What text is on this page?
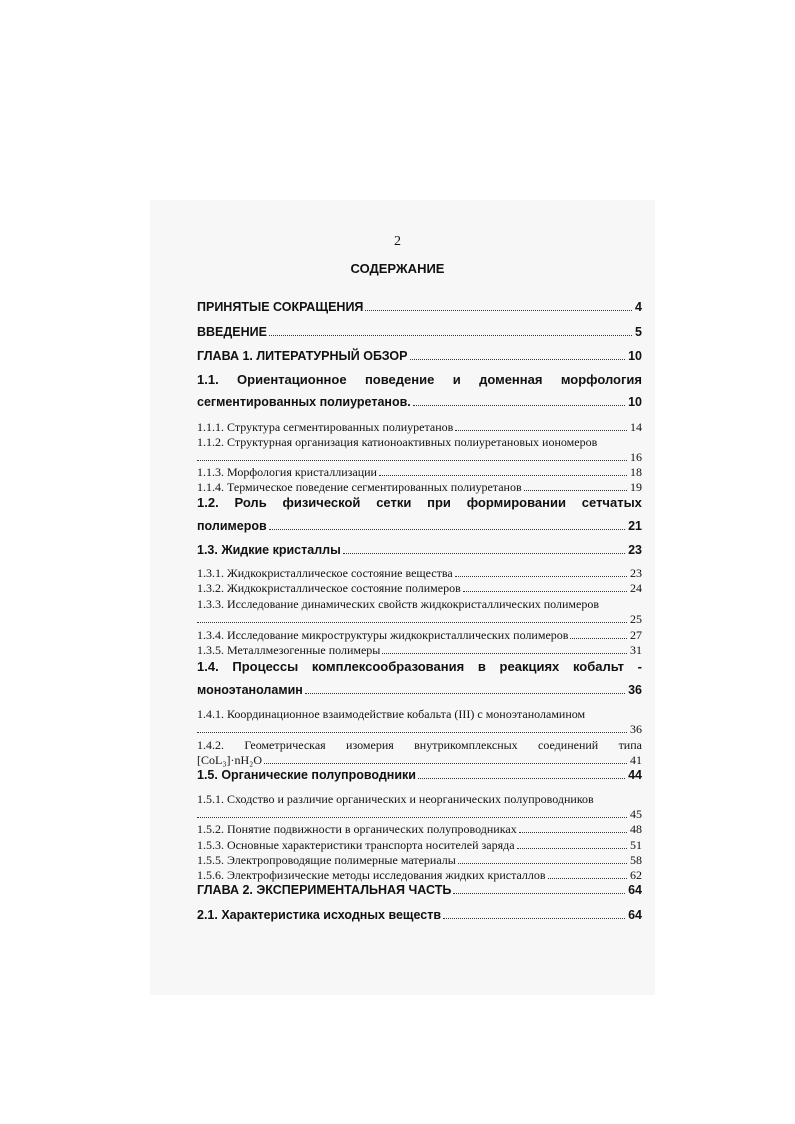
2
СОДЕРЖАНИЕ
ПРИНЯТЫЕ СОКРАЩЕНИЯ	4
ВВЕДЕНИЕ	5
ГЛАВА 1. ЛИТЕРАТУРНЫЙ ОБЗОР	10
1.1. Ориентационное поведение и доменная морфология
сегментированных полиуретанов.	10
1.1.1. Структура сегментированных полиуретанов	14
1.1.2. Структурная организация катионоактивных полиуретановых иономеров
16
1.1.3. Морфология кристаллизации	18
1.1.4. Термическое поведение сегментированных полиуретанов	19
1.2. Роль физической сетки при формировании сетчатых
полимеров	21
1.3. Жидкие кристаллы	23
1.3.1. Жидкокристаллическое состояние вещества	23
1.3.2. Жидкокристаллическое состояние полимеров	24
1.3.3. Исследование динамических свойств жидкокристаллических полимеров
25
1.3.4. Исследование микроструктуры жидкокристаллических полимеров	27
1.3.5. Металлмезогенные полимеры	31
1.4. Процессы комплексообразования в реакциях кобальт -
моноэтаноламин	36
1.4.1. Координационное взаимодействие кобальта (III) с моноэтаноламином
36
1.4.2. Геометрическая изомерия внутрикомплексных соединений типа
[CoL₃]·nH₂O	41
1.5. Органические полупроводники	44
1.5.1. Сходство и различие органических и неорганических полупроводников
45
1.5.2. Понятие подвижности в органических полупроводниках	48
1.5.3. Основные характеристики транспорта носителей заряда	51
1.5.5. Электропроводящие полимерные материалы	58
1.5.6. Электрофизические методы исследования жидких кристаллов	62
ГЛАВА 2. ЭКСПЕРИМЕНТАЛЬНАЯ ЧАСТЬ	64
2.1. Характеристика исходных веществ	64
